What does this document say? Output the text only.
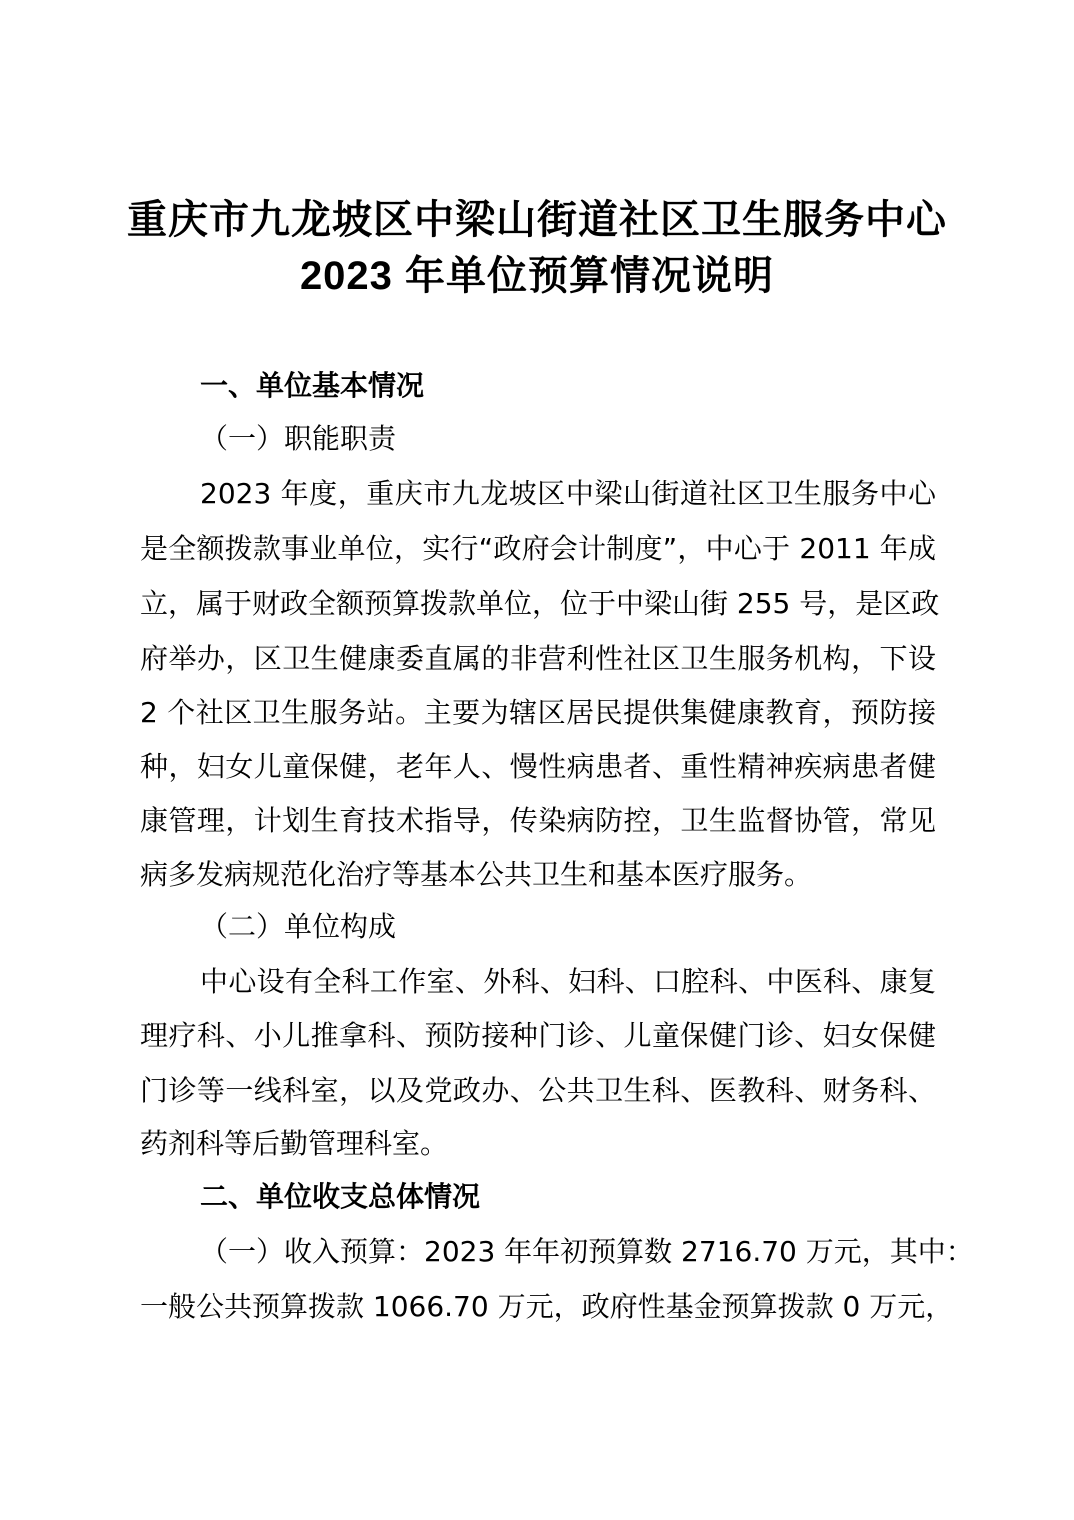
重庆市九龙坡区中梁山街道社区卫生服务中心
2023 年单位预算情况说明
一、单位基本情况
（一）职能职责
2023 年度，重庆市九龙坡区中梁山街道社区卫生服务中心
是全额拨款事业单位，实行“政府会计制度”，中心于 2011 年成
立，属于财政全额预算拨款单位，位于中梁山街 255 号，是区政
府举办，区卫生健康委直属的非营利性社区卫生服务机构，下设
2 个社区卫生服务站。主要为辖区居民提供集健康教育，预防接
种，妇女儿童保健，老年人、慢性病患者、重性精神疾病患者健
康管理，计划生育技术指导，传染病防控，卫生监督协管，常见
病多发病规范化治疗等基本公共卫生和基本医疗服务。
（二）单位构成
中心设有全科工作室、外科、妇科、口腔科、中医科、康复
理疗科、小儿推拿科、预防接种门诊、儿童保健门诊、妇女保健
门诊等一线科室，以及党政办、公共卫生科、医教科、财务科、
药剂科等后勤管理科室。
二、单位收支总体情况
（一）收入预算：2023 年年初预算数 2716.70 万元，其中：
一般公共预算拨款 1066.70 万元，政府性基金预算拨款 0 万元，
